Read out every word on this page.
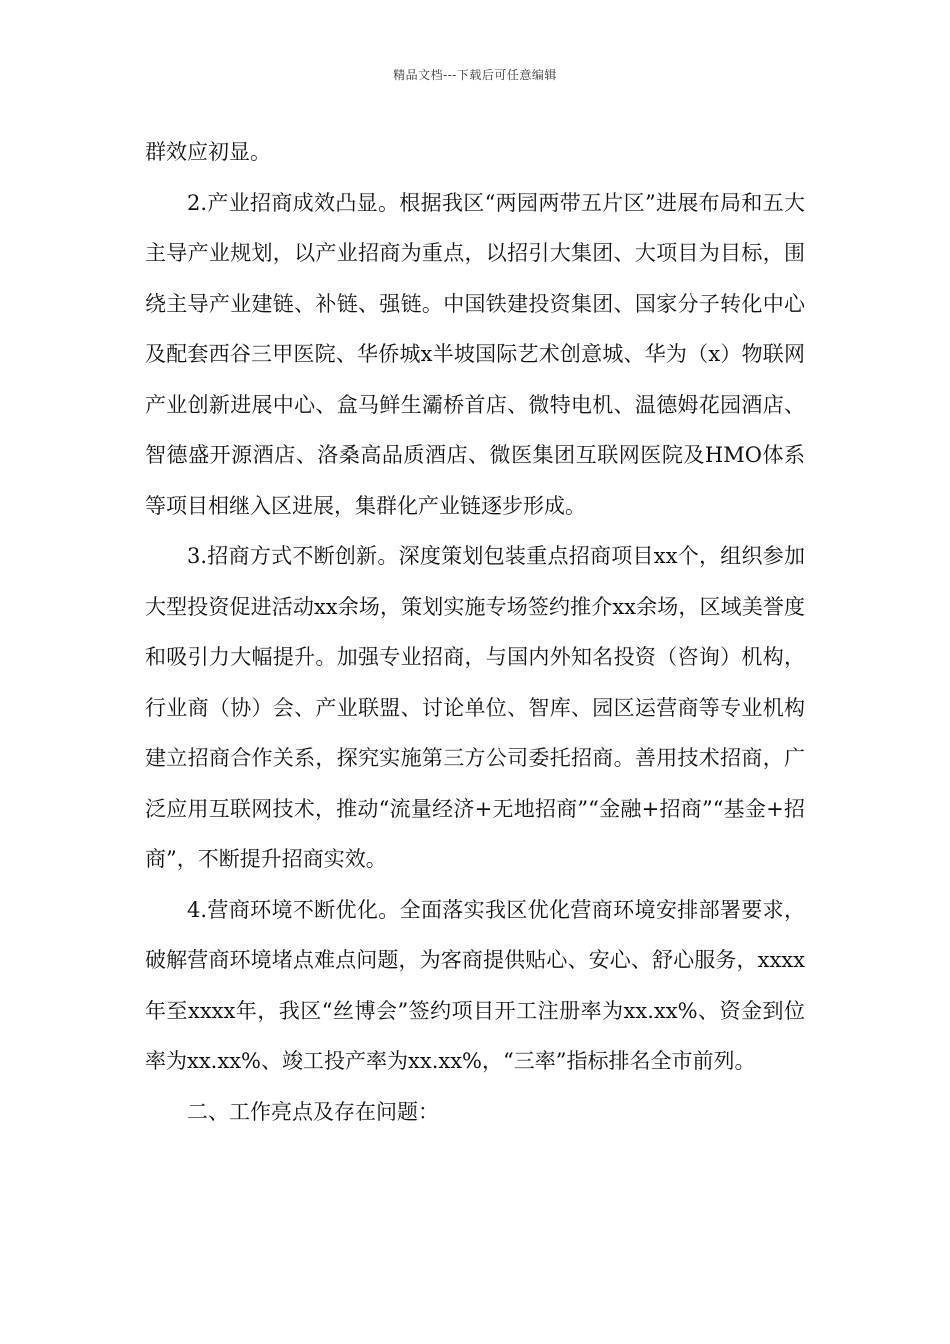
精品文档---下载后可任意编辑

群效应初显。

2.产业招商成效凸显。根据我区“两园两带五片区”进展布局和五大主导产业规划，以产业招商为重点，以招引大集团、大项目为目标，围绕主导产业建链、补链、强链。中国铁建投资集团、国家分子转化中心及配套西谷三甲医院、华侨城x半坡国际艺术创意城、华为（x）物联网产业创新进展中心、盒马鲜生灞桥首店、微特电机、温德姆花园酒店、智德盛开源酒店、洛桑高品质酒店、微医集团互联网医院及HMO体系等项目相继入区进展，集群化产业链逐步形成。

3.招商方式不断创新。深度策划包装重点招商项目xx个，组织参加大型投资促进活动xx余场，策划实施专场签约推介xx余场，区域美誉度和吸引力大幅提升。加强专业招商，与国内外知名投资（咨询）机构，行业商（协）会、产业联盟、讨论单位、智库、园区运营商等专业机构建立招商合作关系，探究实施第三方公司委托招商。善用技术招商，广泛应用互联网技术，推动“流量经济+无地招商”“金融+招商”“基金+招商”，不断提升招商实效。

4.营商环境不断优化。全面落实我区优化营商环境安排部署要求，破解营商环境堵点难点问题，为客商提供贴心、安心、舒心服务，xxxx年至xxxx年，我区“丝博会”签约项目开工注册率为xx.xx%、资金到位率为xx.xx%、竣工投产率为xx.xx%，“三率”指标排名全市前列。

二、工作亮点及存在问题：
